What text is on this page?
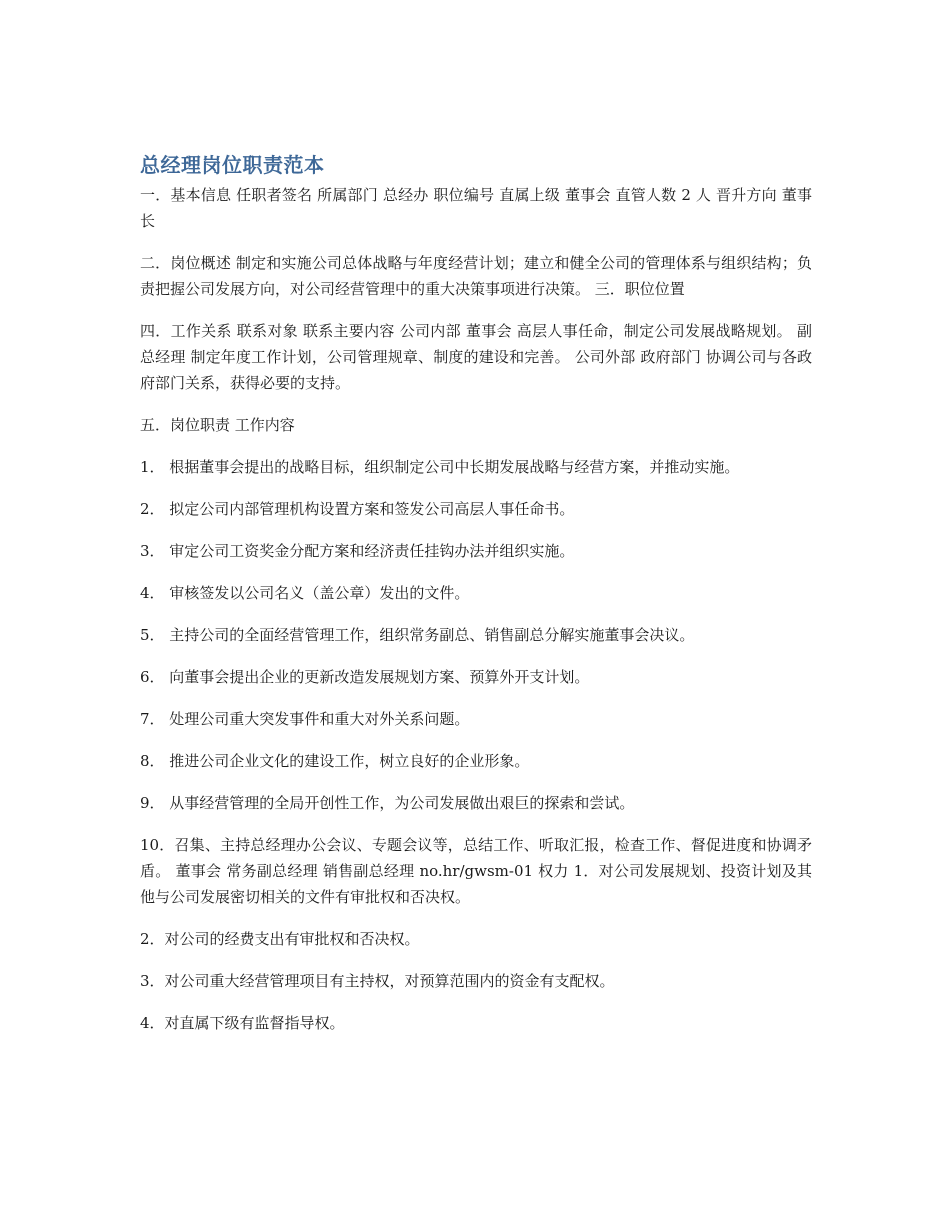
总经理岗位职责范本

一．基本信息 任职者签名 所属部门 总经办 职位编号 直属上级 董事会 直管人数 2 人 晋升方向 董事长

二．岗位概述 制定和实施公司总体战略与年度经营计划；建立和健全公司的管理体系与组织结构；负责把握公司发展方向，对公司经营管理中的重大决策事项进行决策。 三．职位位置

四．工作关系 联系对象 联系主要内容 公司内部 董事会 高层人事任命，制定公司发展战略规划。 副总经理 制定年度工作计划，公司管理规章、制度的建设和完善。 公司外部 政府部门 协调公司与各政府部门关系，获得必要的支持。

五．岗位职责 工作内容

1． 根据董事会提出的战略目标，组织制定公司中长期发展战略与经营方案，并推动实施。

2． 拟定公司内部管理机构设置方案和签发公司高层人事任命书。

3． 审定公司工资奖金分配方案和经济责任挂钩办法并组织实施。

4． 审核签发以公司名义（盖公章）发出的文件。

5． 主持公司的全面经营管理工作，组织常务副总、销售副总分解实施董事会决议。

6． 向董事会提出企业的更新改造发展规划方案、预算外开支计划。

7． 处理公司重大突发事件和重大对外关系问题。

8． 推进公司企业文化的建设工作，树立良好的企业形象。

9． 从事经营管理的全局开创性工作，为公司发展做出艰巨的探索和尝试。

10．召集、主持总经理办公会议、专题会议等，总结工作、听取汇报，检查工作、督促进度和协调矛盾。 董事会 常务副总经理 销售副总经理 no.hr/gwsm-01 权力 1．对公司发展规划、投资计划及其他与公司发展密切相关的文件有审批权和否决权。

2．对公司的经费支出有审批权和否决权。

3．对公司重大经营管理项目有主持权，对预算范围内的资金有支配权。

4．对直属下级有监督指导权。
